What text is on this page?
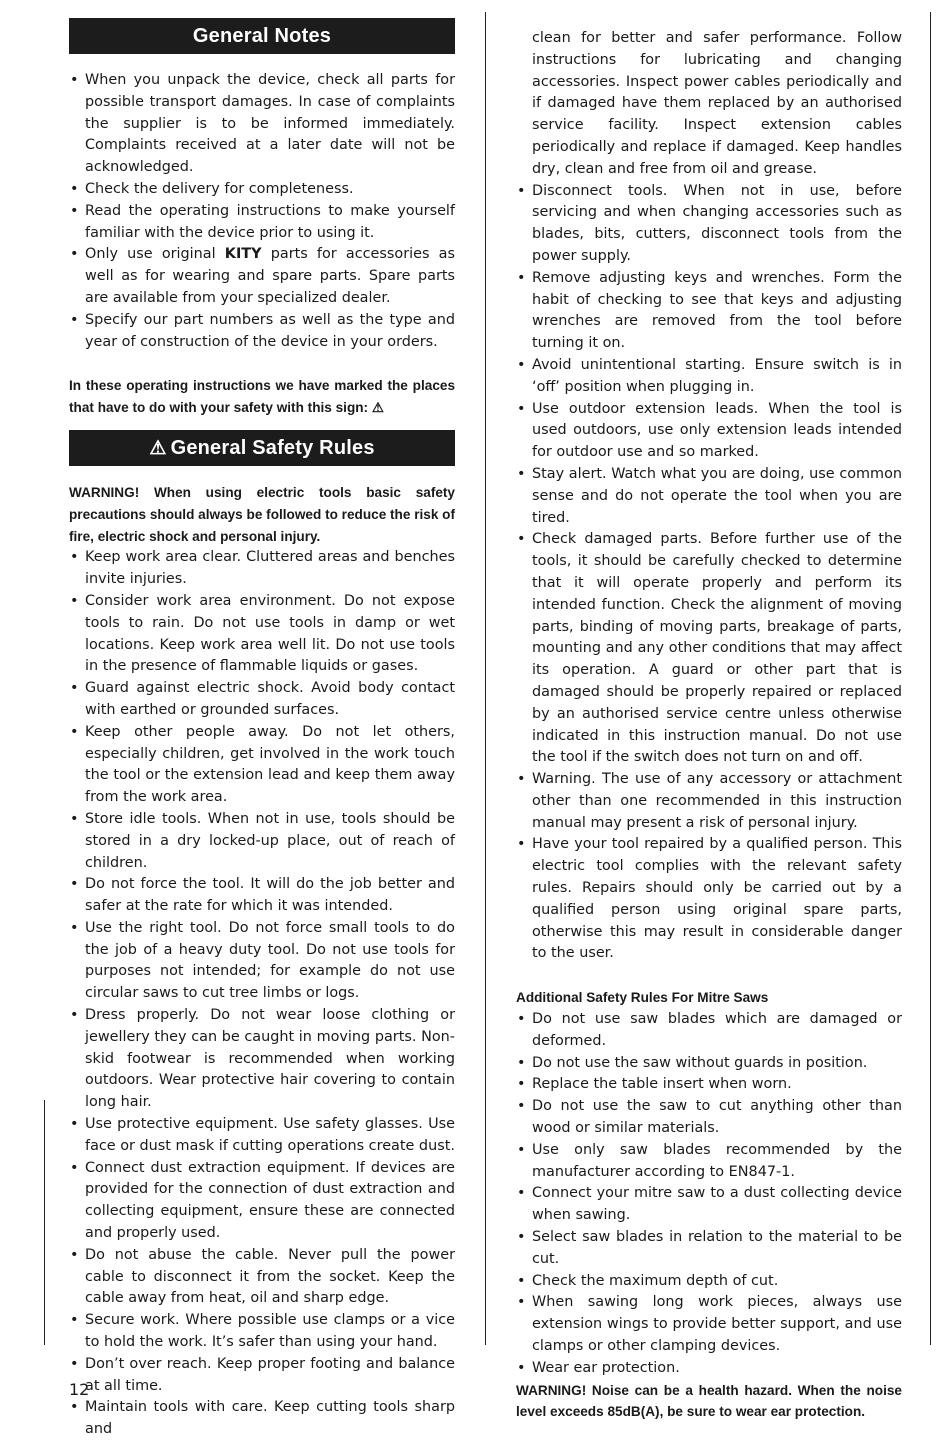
General Notes
• When you unpack the device, check all parts for possible transport damages. In case of complaints the supplier is to be informed immediately. Complaints received at a later date will not be acknowledged.
• Check the delivery for completeness.
• Read the operating instructions to make yourself familiar with the device prior to using it.
• Only use original KITY parts for accessories as well as for wearing and spare parts. Spare parts are available from your specialized dealer.
• Specify our part numbers as well as the type and year of construction of the device in your orders.

In these operating instructions we have marked the places that have to do with your safety with this sign: ⚠

⚠ General Safety Rules

WARNING! When using electric tools basic safety precautions should always be followed to reduce the risk of fire, electric shock and personal injury.

• Keep work area clear. Cluttered areas and benches invite injuries.
• Consider work area environment. Do not expose tools to rain. Do not use tools in damp or wet locations. Keep work area well lit. Do not use tools in the presence of flammable liquids or gases.
• Guard against electric shock. Avoid body contact with earthed or grounded surfaces.
• Keep other people away. Do not let others, especially children, get involved in the work touch the tool or the extension lead and keep them away from the work area.
• Store idle tools. When not in use, tools should be stored in a dry locked-up place, out of reach of children.
• Do not force the tool. It will do the job better and safer at the rate for which it was intended.
• Use the right tool. Do not force small tools to do the job of a heavy duty tool. Do not use tools for purposes not intended; for example do not use circular saws to cut tree limbs or logs.
• Dress properly. Do not wear loose clothing or jewellery they can be caught in moving parts. Non-skid footwear is recommended when working outdoors. Wear protective hair covering to contain long hair.
• Use protective equipment. Use safety glasses. Use face or dust mask if cutting operations create dust.
• Connect dust extraction equipment. If devices are provided for the connection of dust extraction and collecting equipment, ensure these are connected and properly used.
• Do not abuse the cable. Never pull the power cable to disconnect it from the socket. Keep the cable away from heat, oil and sharp edge.
• Secure work. Where possible use clamps or a vice to hold the work. It’s safer than using your hand.
• Don’t over reach. Keep proper footing and balance at all time.
• Maintain tools with care. Keep cutting tools sharp and

clean for better and safer performance. Follow instructions for lubricating and changing accessories. Inspect power cables periodically and if damaged have them replaced by an authorised service facility. Inspect extension cables periodically and replace if damaged. Keep handles dry, clean and free from oil and grease.

• Disconnect tools. When not in use, before servicing and when changing accessories such as blades, bits, cutters, disconnect tools from the power supply.
• Remove adjusting keys and wrenches. Form the habit of checking to see that keys and adjusting wrenches are removed from the tool before turning it on.
• Avoid unintentional starting. Ensure switch is in ‘off’ position when plugging in.
• Use outdoor extension leads. When the tool is used outdoors, use only extension leads intended for outdoor use and so marked.
• Stay alert. Watch what you are doing, use common sense and do not operate the tool when you are tired.
• Check damaged parts. Before further use of the tools, it should be carefully checked to determine that it will operate properly and perform its intended function. Check the alignment of moving parts, binding of moving parts, breakage of parts, mounting and any other conditions that may affect its operation. A guard or other part that is damaged should be properly repaired or replaced by an authorised service centre unless otherwise indicated in this instruction manual. Do not use the tool if the switch does not turn on and off.
• Warning. The use of any accessory or attachment other than one recommended in this instruction manual may present a risk of personal injury.
• Have your tool repaired by a qualified person. This electric tool complies with the relevant safety rules. Repairs should only be carried out by a qualified person using original spare parts, otherwise this may result in considerable danger to the user.

Additional Safety Rules For Mitre Saws

• Do not use saw blades which are damaged or deformed.
• Do not use the saw without guards in position.
• Replace the table insert when worn.
• Do not use the saw to cut anything other than wood or similar materials.
• Use only saw blades recommended by the manufacturer according to EN847-1.
• Connect your mitre saw to a dust collecting device when sawing.
• Select saw blades in relation to the material to be cut.
• Check the maximum depth of cut.
• When sawing long work pieces, always use extension wings to provide better support, and use clamps or other clamping devices.
• Wear ear protection.

WARNING! Noise can be a health hazard. When the noise level exceeds 85dB(A), be sure to wear ear protection.

12
